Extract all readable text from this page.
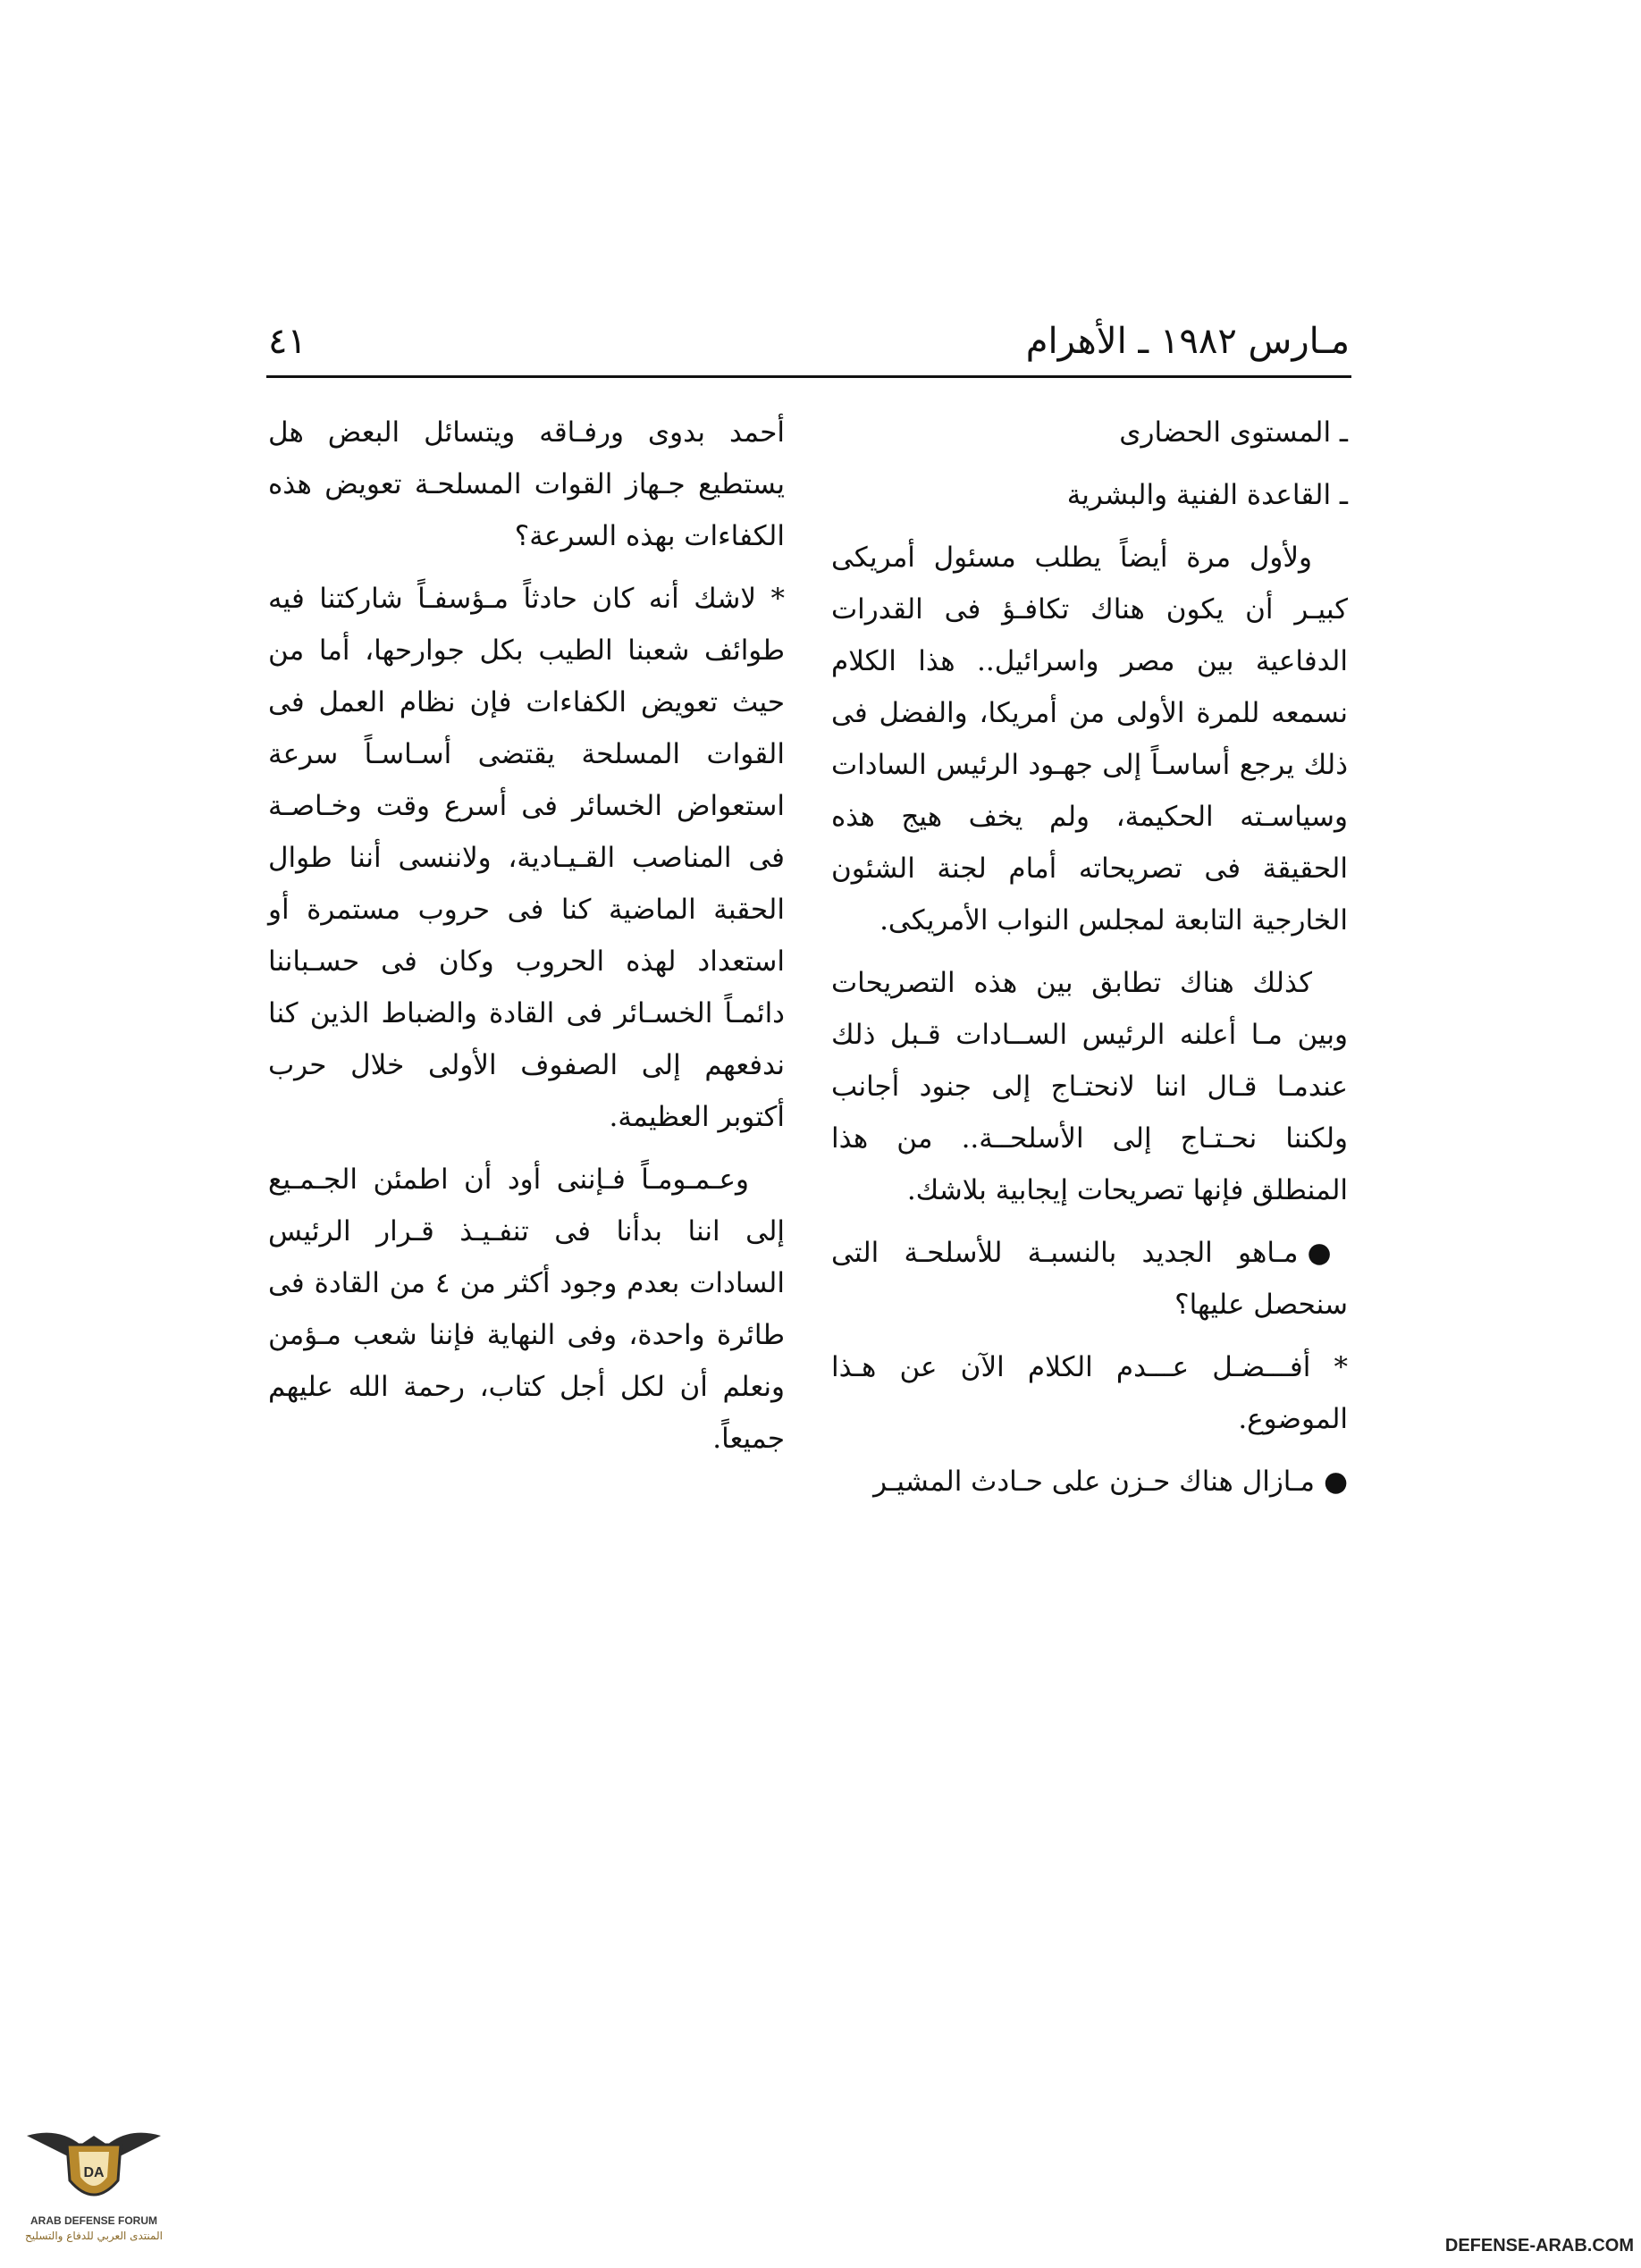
مـارس ١٩٨٢ ـ الأهرام
٤١

ـ المستوى الحضارى

ـ القاعدة الفنية والبشرية

ولأول مرة أيضاً يطلب مسئول أمريكى كبيـر أن يكون هناك تكافـؤ فى القدرات الدفاعية بين مصر واسرائيل.. هذا الكلام نسمعه للمرة الأولى من أمريكا، والفضل فى ذلك يرجع أساسـاً إلى جهـود الرئيس السادات وسياسـته الحكيمة، ولم يخف هيج هذه الحقيقة فى تصريحاته أمام لجنة الشئون الخارجية التابعة لمجلس النواب الأمريكى.

كذلك هناك تطابق بين هذه التصريحات وبين مـا أعلنه الرئيس الســادات قـبل ذلك عندمـا قـال اننا لانحتـاج إلى جنود أجانب ولكننا نحـتـاج إلى الأسلحــة.. من هذا المنطلق فإنها تصريحات إيجابية بلاشك.

●مـاهو الجديد بالنسبـة للأسلحـة التى سنحصل عليها؟

* أفـــضـل عـــدم الكلام الآن عن هـذا الموضوع.

●مـازال هناك حـزن على حـادث المشيـر

أحمد بدوى ورفـاقه ويتسائل البعض هل يستطيع جـهاز القوات المسلحـة تعويض هذه الكفاءات بهذه السرعة؟

* لاشك أنه كان حادثاً مـؤسفـاً شاركتنا فيه طوائف شعبنا الطيب بكل جوارحها، أما من حيث تعويض الكفاءات فإن نظام العمل فى القوات المسلحة يقتضى أسـاسـاً سرعة استعواض الخسائر فى أسرع وقت وخـاصـة فى المناصب القـيـادية، ولاننسى أننا طوال الحقبة الماضية كنا فى حروب مستمرة أو استعداد لهذه الحروب وكان فى حسـباننا دائمـاً الخسـائر فى القادة والضباط الذين كنا ندفعهم إلى الصفوف الأولى خلال حرب أكتوبر العظيمة.

وعـمـومـاً فـإننى أود أن اطمئن الجـمـيع إلى اننا بدأنا فى تنفـيـذ قـرار الرئيس السادات بعدم وجود أكثر من ٤ من القادة فى طائرة واحدة، وفى النهاية فإننا شعب مـؤمن ونعلم أن لكل أجل كتاب، رحمة الله عليهم جميعاً.

DA
ARAB DEFENSE FORUM
المنتدى العربي للدفاع والتسليح	DEFENSE-ARAB.COM
